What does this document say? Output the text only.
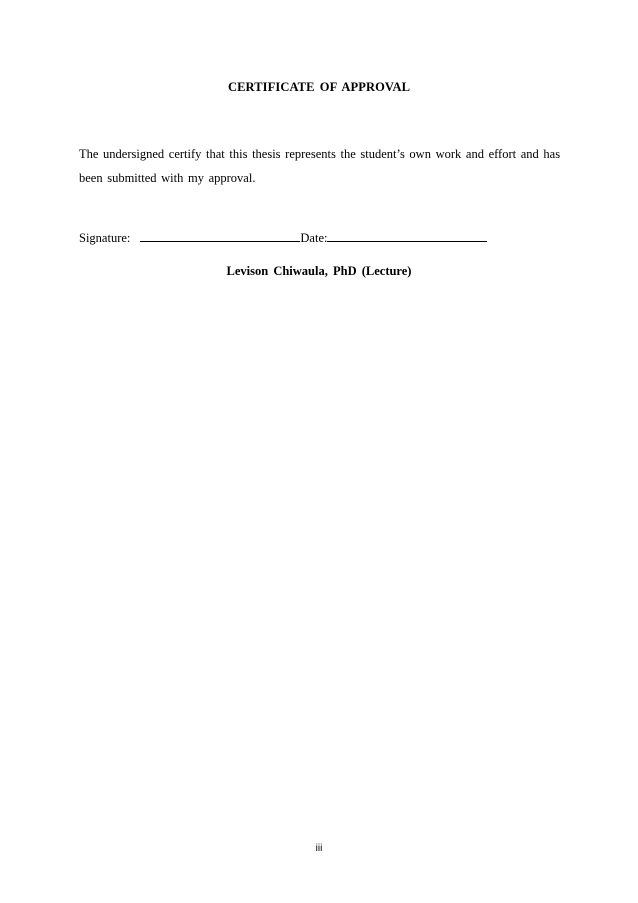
CERTIFICATE OF APPROVAL
The undersigned certify that this thesis represents the student’s own work and effort and has
been submitted with my approval.
Signature:	Date:
Levison Chiwaula, PhD (Lecture)
iii
